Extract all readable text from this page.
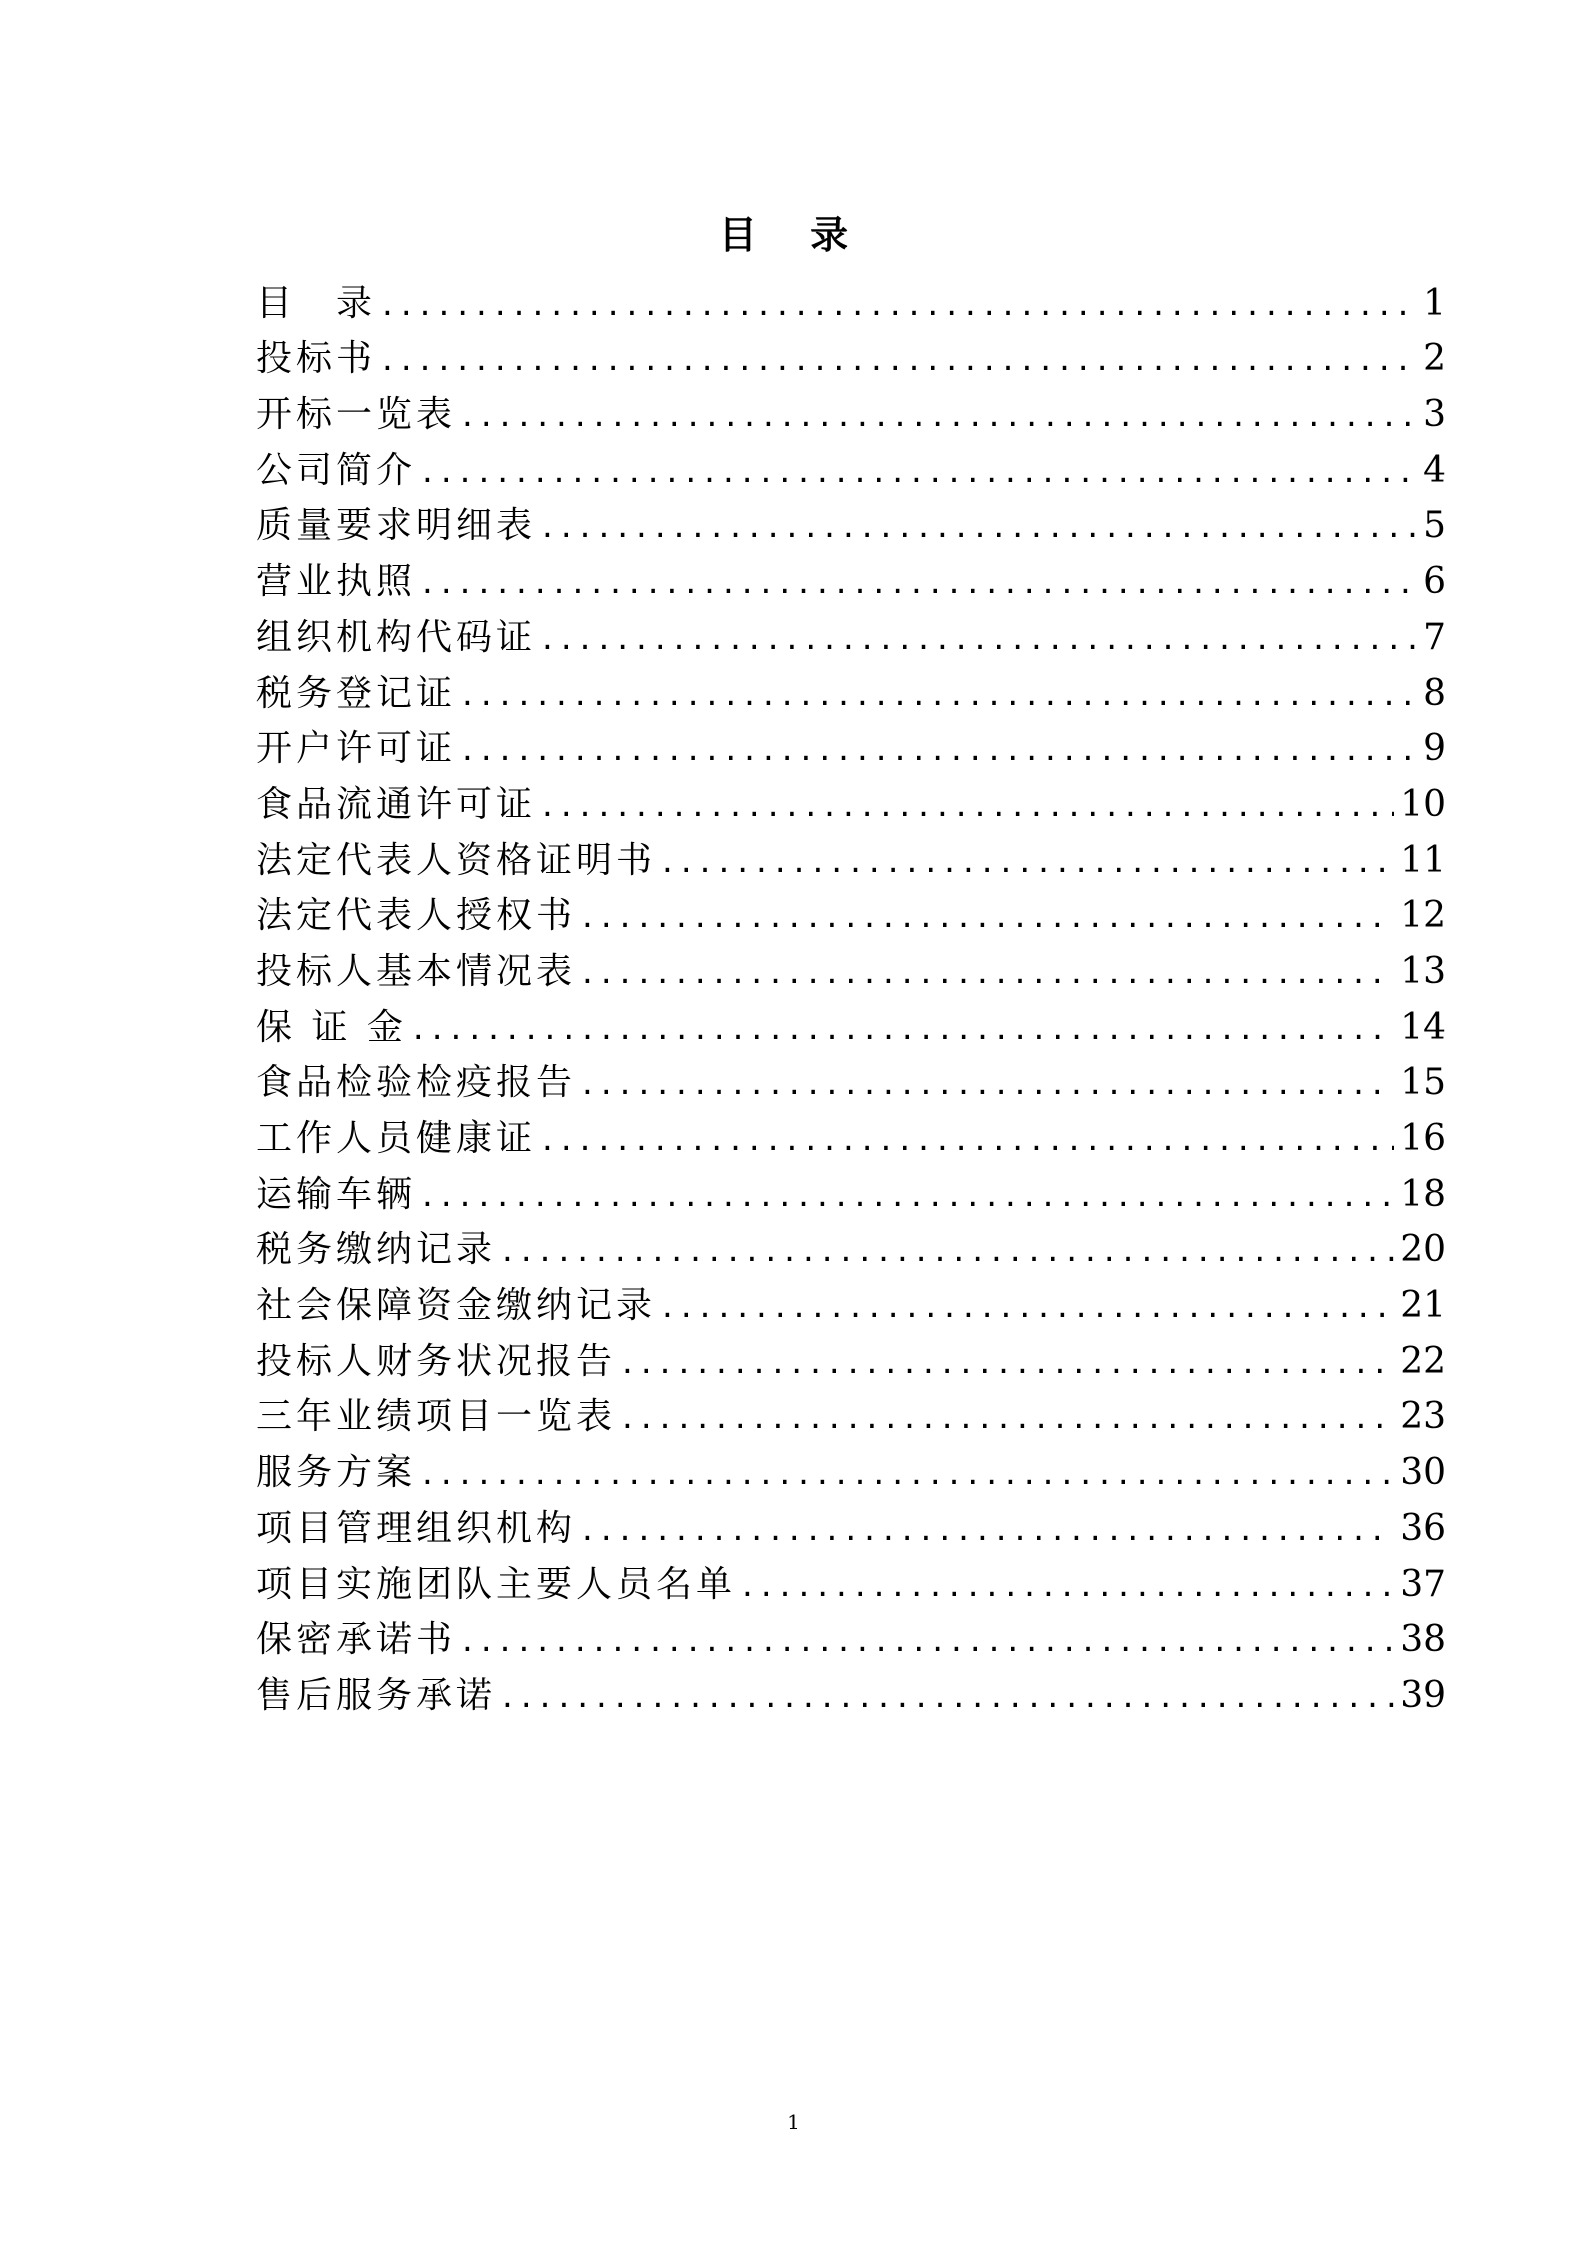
目 录
目　录 .....	1
投标书 .....	2
开标一览表 .....	3
公司简介 .....	4
质量要求明细表 .....	5
营业执照 .....	6
组织机构代码证 .....	7
税务登记证 .....	8
开户许可证 .....	9
食品流通许可证 .....	10
法定代表人资格证明书 .....	11
法定代表人授权书 .....	12
投标人基本情况表 .....	13
保 证 金 .....	14
食品检验检疫报告 .....	15
工作人员健康证 .....	16
运输车辆 .....	18
税务缴纳记录 .....	20
社会保障资金缴纳记录 .....	21
投标人财务状况报告 .....	22
三年业绩项目一览表 .....	23
服务方案 .....	30
项目管理组织机构 .....	36
项目实施团队主要人员名单 .....	37
保密承诺书 .....	38
售后服务承诺 .....	39
1
